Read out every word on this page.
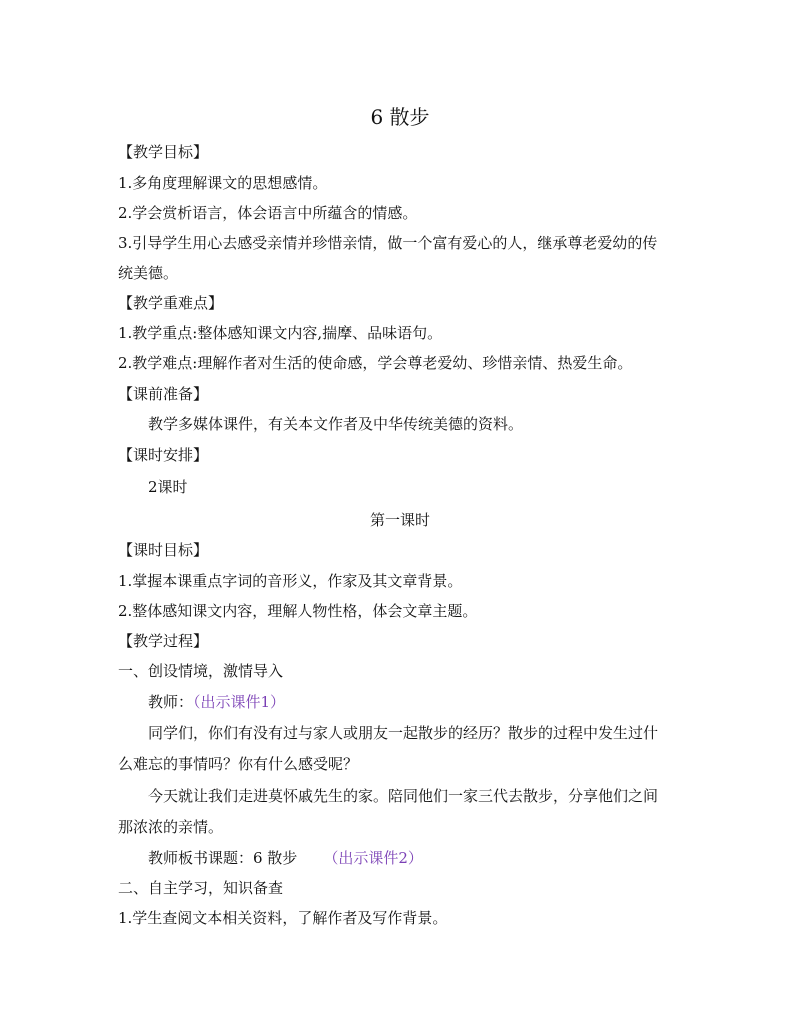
6 散步
【教学目标】
1.多角度理解课文的思想感情。
2.学会赏析语言，体会语言中所蕴含的情感。
3.引导学生用心去感受亲情并珍惜亲情，做一个富有爱心的人，继承尊老爱幼的传
统美德。
【教学重难点】
1.教学重点:整体感知课文内容,揣摩、品味语句。
2.教学难点:理解作者对生活的使命感，学会尊老爱幼、珍惜亲情、热爱生命。
【课前准备】
教学多媒体课件，有关本文作者及中华传统美德的资料。
【课时安排】
2课时
第一课时
【课时目标】
1.掌握本课重点字词的音形义，作家及其文章背景。
2.整体感知课文内容，理解人物性格，体会文章主题。
【教学过程】
一、创设情境，激情导入
教师：（出示课件1）
同学们，你们有没有过与家人或朋友一起散步的经历？散步的过程中发生过什
么难忘的事情吗？你有什么感受呢？
今天就让我们走进莫怀戚先生的家。陪同他们一家三代去散步，分享他们之间
那浓浓的亲情。
教师板书课题：6 散步 （出示课件2）
二、自主学习，知识备查
1.学生查阅文本相关资料，了解作者及写作背景。
